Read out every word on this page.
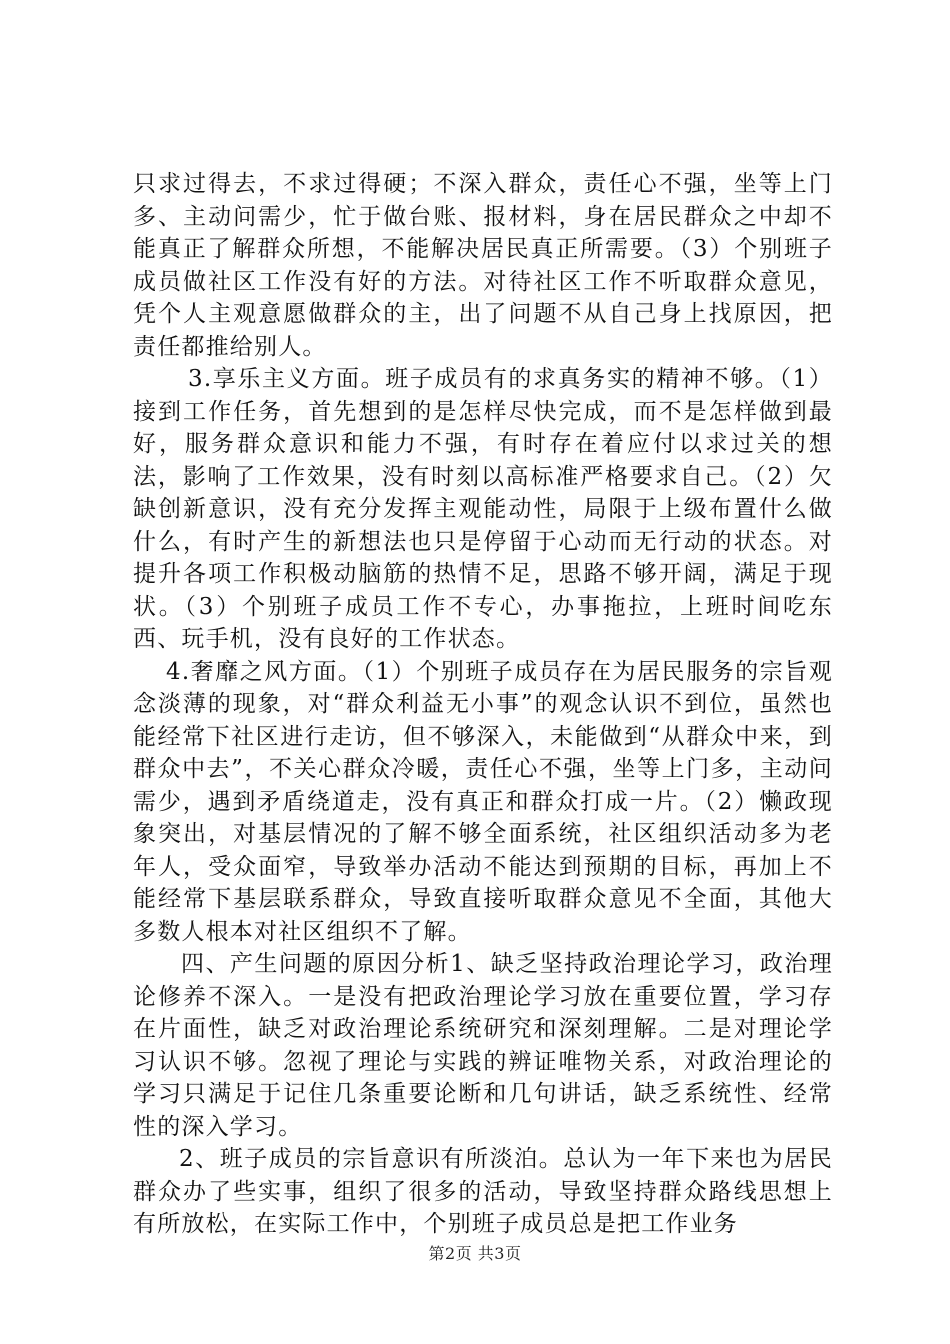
只求过得去，不求过得硬；不深入群众，责任心不强，坐等上门多、主动问需少，忙于做台账、报材料，身在居民群众之中却不能真正了解群众所想，不能解决居民真正所需要。（3）个别班子成员做社区工作没有好的方法。对待社区工作不听取群众意见，凭个人主观意愿做群众的主，出了问题不从自己身上找原因，把责任都推给别人。

3.享乐主义方面。班子成员有的求真务实的精神不够。（1）接到工作任务，首先想到的是怎样尽快完成，而不是怎样做到最好，服务群众意识和能力不强，有时存在着应付以求过关的想法，影响了工作效果，没有时刻以高标准严格要求自己。（2）欠缺创新意识，没有充分发挥主观能动性，局限于上级布置什么做什么，有时产生的新想法也只是停留于心动而无行动的状态。对提升各项工作积极动脑筋的热情不足，思路不够开阔，满足于现状。（3）个别班子成员工作不专心，办事拖拉，上班时间吃东西、玩手机，没有良好的工作状态。

4.奢靡之风方面。（1）个别班子成员存在为居民服务的宗旨观念淡薄的现象，对“群众利益无小事”的观念认识不到位，虽然也能经常下社区进行走访，但不够深入，未能做到“从群众中来，到群众中去”，不关心群众冷暖，责任心不强，坐等上门多，主动问需少，遇到矛盾绕道走，没有真正和群众打成一片。（2）懒政现象突出，对基层情况的了解不够全面系统，社区组织活动多为老年人，受众面窄，导致举办活动不能达到预期的目标，再加上不能经常下基层联系群众，导致直接听取群众意见不全面，其他大多数人根本对社区组织不了解。

四、产生问题的原因分析1、缺乏坚持政治理论学习，政治理论修养不深入。一是没有把政治理论学习放在重要位置，学习存在片面性，缺乏对政治理论系统研究和深刻理解。二是对理论学习认识不够。忽视了理论与实践的辨证唯物关系，对政治理论的学习只满足于记住几条重要论断和几句讲话，缺乏系统性、经常性的深入学习。

2、班子成员的宗旨意识有所淡泊。总认为一年下来也为居民群众办了些实事，组织了很多的活动，导致坚持群众路线思想上有所放松，在实际工作中，个别班子成员总是把工作业务

第2页 共3页
